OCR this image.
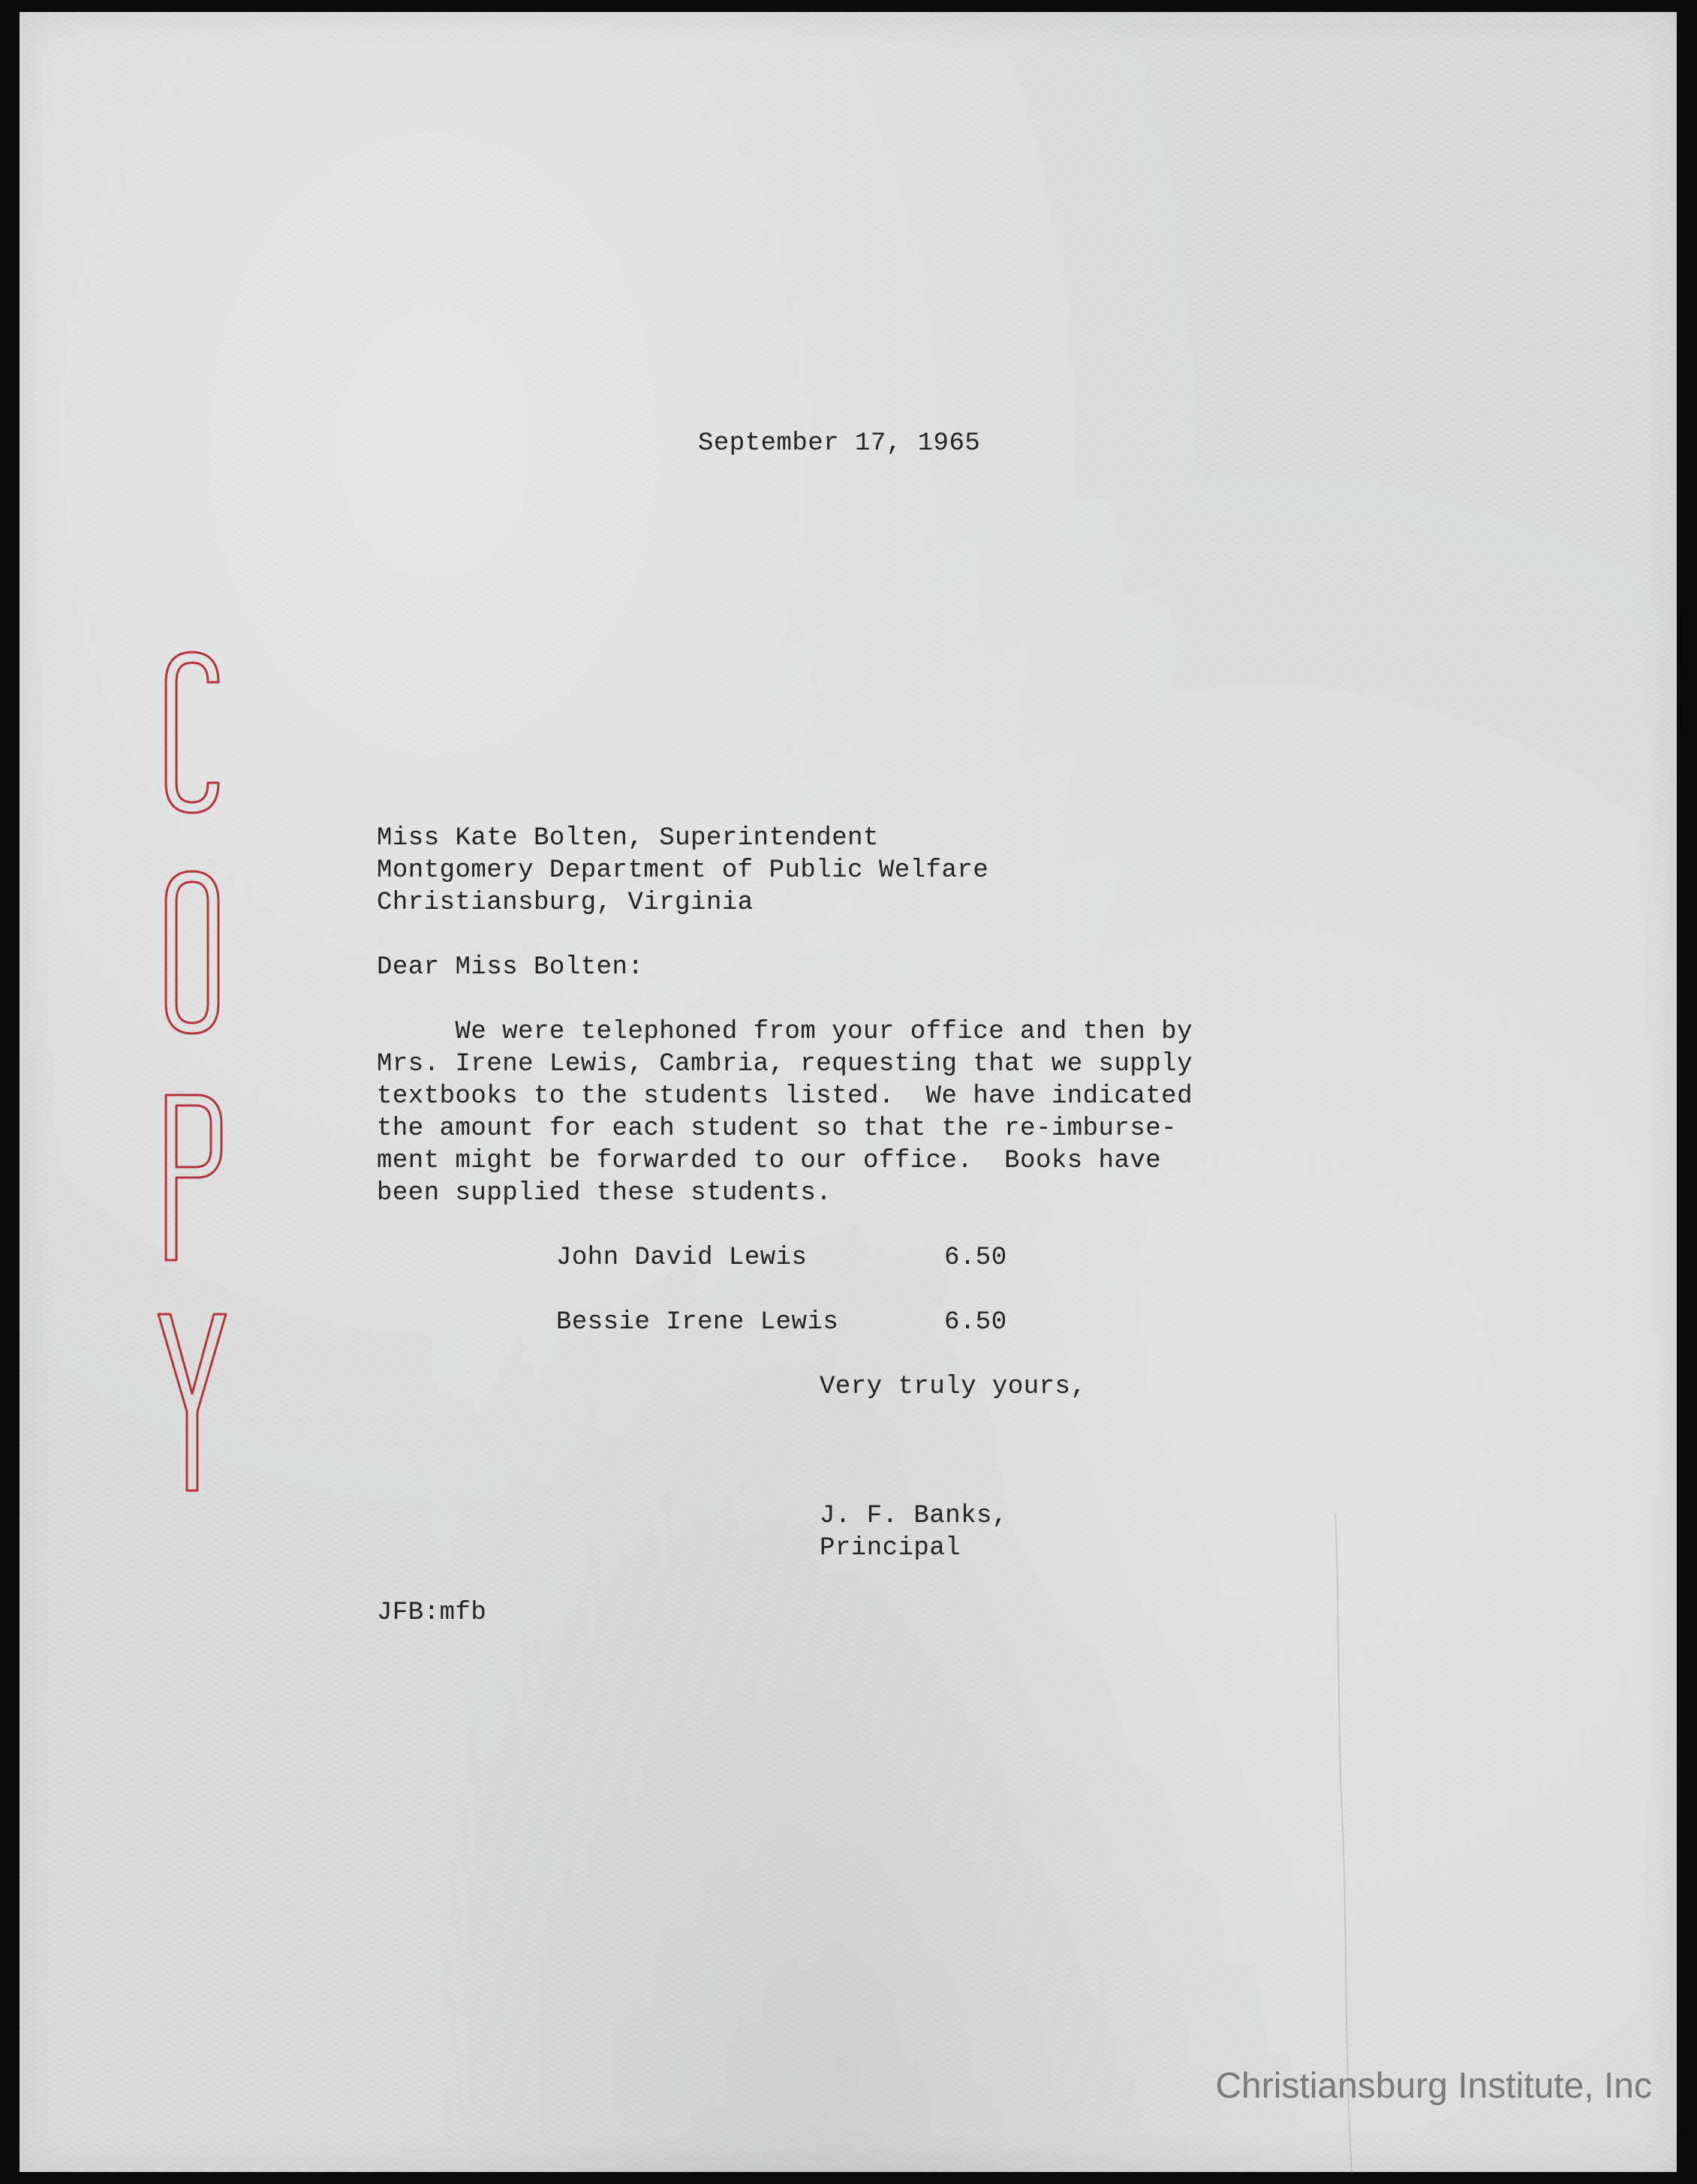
September 17, 1965
Miss Kate Bolten, Superintendent
Montgomery Department of Public Welfare
Christiansburg, Virginia
Dear Miss Bolten:
We were telephoned from your office and then by
Mrs. Irene Lewis, Cambria, requesting that we supply
textbooks to the students listed.  We have indicated
the amount for each student so that the re-imburse-
ment might be forwarded to our office.  Books have
been supplied these students.
John David Lewis	6.50
Bessie Irene Lewis	6.50
Very truly yours,
J. F. Banks,
Principal
JFB:mfb
Christiansburg Institute, Inc
